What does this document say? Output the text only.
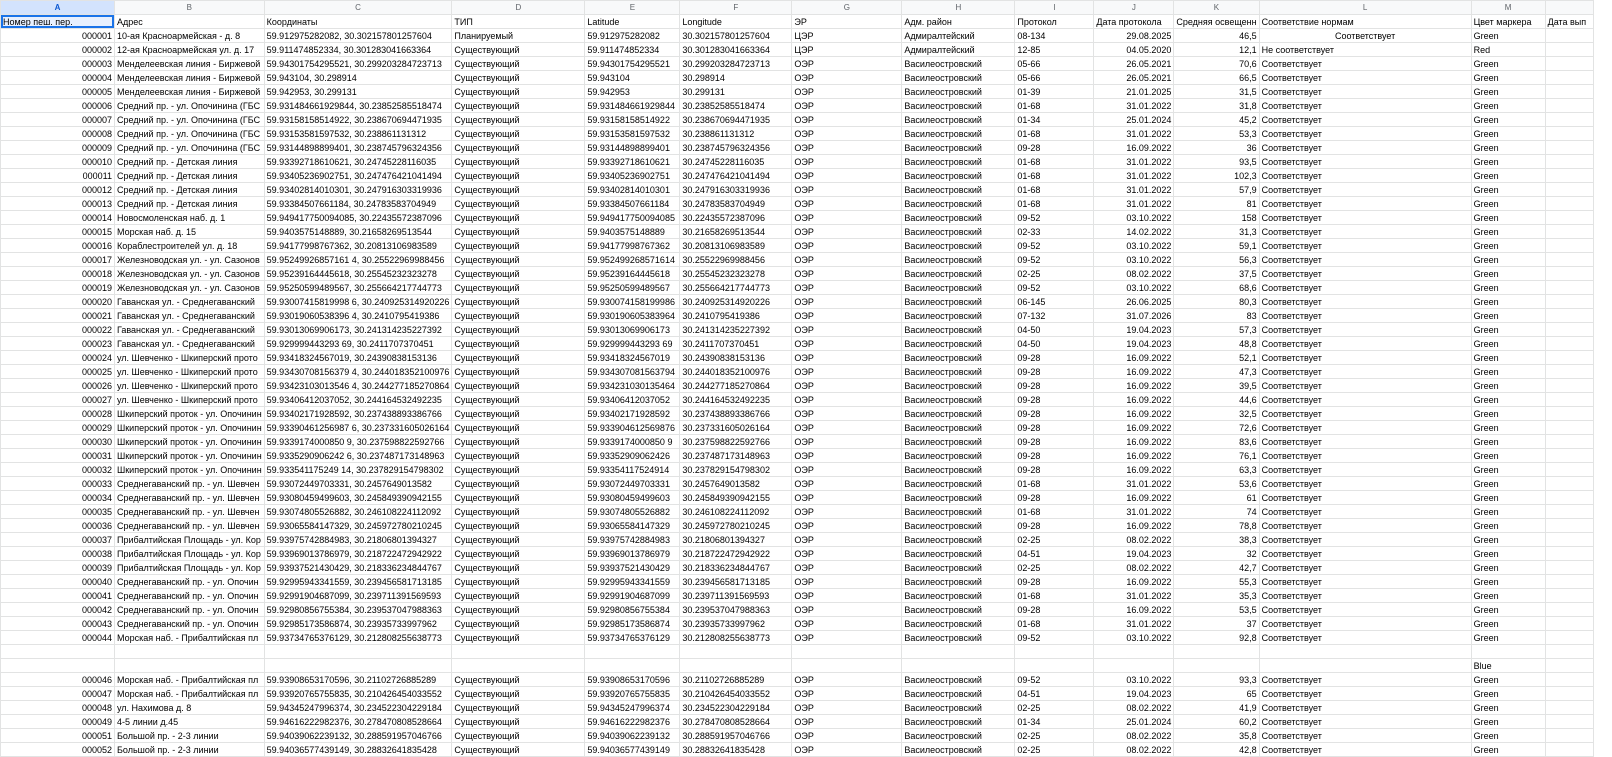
A	B	C	D	E	F	G	H	I	J	K	L	M	
Номер пеш. пер.	Адрес	Координаты	ТИП	Latitude	Longitude	ЭР	Адм. район	Протокол	Дата протокола	Средняя освещенн	Соответствие нормам	Цвет маркера	Дата вып
000001	10-ая Красноармейская - д. 8	59.912975282082, 30.302157801257604	Планируемый	59.912975282082	30.302157801257604	ЦЭР	Адмиралтейский	08-134	29.08.2025	46,5	Соответствует	Green	
000002	12-ая Красноармейская ул. д. 17	59.911474852334, 30.301283041663364	Существующий	59.911474852334	30.301283041663364	ЦЭР	Адмиралтейский	12-85	04.05.2020	12,1	Не соответствует	Red	
000003	Менделеевская линия - Биржевой	59.94301754295521, 30.299203284723713	Существующий	59.94301754295521	30.299203284723713	ОЭР	Василеостровский	05-66	26.05.2021	70,6	Соответствует	Green	
000004	Менделеевская линия - Биржевой	59.943104, 30.298914	Существующий	59.943104	30.298914	ОЭР	Василеостровский	05-66	26.05.2021	66,5	Соответствует	Green	
000005	Менделеевская линия - Биржевой	59.942953, 30.299131	Существующий	59.942953	30.299131	ОЭР	Василеостровский	01-39	21.01.2025	31,5	Соответствует	Green	
000006	Средний пр. - ул. Опочинина (ГБС	59.931484661929844, 30.23852585518474	Существующий	59.931484661929844	30.23852585518474	ОЭР	Василеостровский	01-68	31.01.2022	31,8	Соответствует	Green	
000007	Средний пр. - ул. Опочинина (ГБС	59.93158158514922, 30.238670694471935	Существующий	59.93158158514922	30.238670694471935	ОЭР	Василеостровский	01-34	25.01.2024	45,2	Соответствует	Green	
000008	Средний пр. - ул. Опочинина (ГБС	59.93153581597532, 30.238861131312	Существующий	59.93153581597532	30.238861131312	ОЭР	Василеостровский	01-68	31.01.2022	53,3	Соответствует	Green	
000009	Средний пр. - ул. Опочинина (ГБС	59.93144898899401, 30.238745796324356	Существующий	59.93144898899401	30.238745796324356	ОЭР	Василеостровский	09-28	16.09.2022	36	Соответствует	Green	
000010	Средний пр. - Детская линия	59.93392718610621, 30.24745228116035	Существующий	59.93392718610621	30.24745228116035	ОЭР	Василеостровский	01-68	31.01.2022	93,5	Соответствует	Green	
000011	Средний пр. - Детская линия	59.93405236902751, 30.247476421041494	Существующий	59.93405236902751	30.247476421041494	ОЭР	Василеостровский	01-68	31.01.2022	102,3	Соответствует	Green	
000012	Средний пр. - Детская линия	59.93402814010301, 30.247916303319936	Существующий	59.93402814010301	30.247916303319936	ОЭР	Василеостровский	01-68	31.01.2022	57,9	Соответствует	Green	
000013	Средний пр. - Детская линия	59.93384507661184, 30.24783583704949	Существующий	59.93384507661184	30.24783583704949	ОЭР	Василеостровский	01-68	31.01.2022	81	Соответствует	Green	
000014	Новосмоленская наб. д. 1	59.949417750094085, 30.22435572387096	Существующий	59.949417750094085	30.22435572387096	ОЭР	Василеостровский	09-52	03.10.2022	158	Соответствует	Green	
000015	Морская наб. д. 15	59.9403575148889, 30.21658269513544	Существующий	59.9403575148889	30.21658269513544	ОЭР	Василеостровский	02-33	14.02.2022	31,3	Соответствует	Green	
000016	Кораблестроителей ул. д. 18	59.94177998767362, 30.20813106983589	Существующий	59.94177998767362	30.20813106983589	ОЭР	Василеостровский	09-52	03.10.2022	59,1	Соответствует	Green	
000017	Железноводская ул. - ул. Сазонов	59.95249926857161 4, 30.25522969988456	Существующий	59.952499268571614	30.25522969988456	ОЭР	Василеостровский	09-52	03.10.2022	56,3	Соответствует	Green	
000018	Железноводская ул. - ул. Сазонов	59.95239164445618, 30.25545232323278	Существующий	59.95239164445618	30.25545232323278	ОЭР	Василеостровский	02-25	08.02.2022	37,5	Соответствует	Green	
000019	Железноводская ул. - ул. Сазонов	59.95250599489567, 30.255664217744773	Существующий	59.95250599489567	30.255664217744773	ОЭР	Василеостровский	09-52	03.10.2022	68,6	Соответствует	Green	
000020	Гаванская ул. - Среднегаванский	59.93007415819998 6, 30.240925314920226	Существующий	59.930074158199986	30.240925314920226	ОЭР	Василеостровский	06-145	26.06.2025	80,3	Соответствует	Green	
000021	Гаванская ул. - Среднегаванский	59.93019060538396 4, 30.2410795419386	Существующий	59.930190605383964	30.2410795419386	ОЭР	Василеостровский	07-132	31.07.2026	83	Соответствует	Green	
000022	Гаванская ул. - Среднегаванский	59.93013069906173, 30.241314235227392	Существующий	59.93013069906173	30.241314235227392	ОЭР	Василеостровский	04-50	19.04.2023	57,3	Соответствует	Green	
000023	Гаванская ул. - Среднегаванский	59.929999443293 69, 30.2411707370451	Существующий	59.929999443293 69	30.2411707370451	ОЭР	Василеостровский	04-50	19.04.2023	48,8	Соответствует	Green	
000024	ул. Шевченко - Шкиперский прото	59.93418324567019, 30.24390838153136	Существующий	59.93418324567019	30.24390838153136	ОЭР	Василеостровский	09-28	16.09.2022	52,1	Соответствует	Green	
000025	ул. Шевченко - Шкиперский прото	59.93430708156379 4, 30.244018352100976	Существующий	59.934307081563794	30.244018352100976	ОЭР	Василеостровский	09-28	16.09.2022	47,3	Соответствует	Green	
000026	ул. Шевченко - Шкиперский прото	59.93423103013546 4, 30.244277185270864	Существующий	59.934231030135464	30.244277185270864	ОЭР	Василеостровский	09-28	16.09.2022	39,5	Соответствует	Green	
000027	ул. Шевченко - Шкиперский прото	59.93406412037052, 30.244164532492235	Существующий	59.93406412037052	30.244164532492235	ОЭР	Василеостровский	09-28	16.09.2022	44,6	Соответствует	Green	
000028	Шкиперский проток - ул. Опочинин	59.93402171928592, 30.237438893386766	Существующий	59.93402171928592	30.237438893386766	ОЭР	Василеостровский	09-28	16.09.2022	32,5	Соответствует	Green	
000029	Шкиперский проток - ул. Опочинин	59.93390461256987 6, 30.237331605026164	Существующий	59.933904612569876	30.237331605026164	ОЭР	Василеостровский	09-28	16.09.2022	72,6	Соответствует	Green	
000030	Шкиперский проток - ул. Опочинин	59.9339174000850 9, 30.237598822592766	Существующий	59.9339174000850 9	30.237598822592766	ОЭР	Василеостровский	09-28	16.09.2022	83,6	Соответствует	Green	
000031	Шкиперский проток - ул. Опочинин	59.9335290906242 6, 30.237487173148963	Существующий	59.93352909062426	30.237487173148963	ОЭР	Василеостровский	09-28	16.09.2022	76,1	Соответствует	Green	
000032	Шкиперский проток - ул. Опочинин	59.933541175249 14, 30.237829154798302	Существующий	59.93354117524914	30.237829154798302	ОЭР	Василеостровский	09-28	16.09.2022	63,3	Соответствует	Green	
000033	Среднегаванский пр. - ул. Шевчен	59.93072449703331, 30.2457649013582	Существующий	59.93072449703331	30.2457649013582	ОЭР	Василеостровский	01-68	31.01.2022	53,6	Соответствует	Green	
000034	Среднегаванский пр. - ул. Шевчен	59.93080459499603, 30.245849390942155	Существующий	59.93080459499603	30.245849390942155	ОЭР	Василеостровский	09-28	16.09.2022	61	Соответствует	Green	
000035	Среднегаванский пр. - ул. Шевчен	59.93074805526882, 30.246108224112092	Существующий	59.93074805526882	30.246108224112092	ОЭР	Василеостровский	01-68	31.01.2022	74	Соответствует	Green	
000036	Среднегаванский пр. - ул. Шевчен	59.93065584147329, 30.245972780210245	Существующий	59.93065584147329	30.245972780210245	ОЭР	Василеостровский	09-28	16.09.2022	78,8	Соответствует	Green	
000037	Прибалтийская Площадь - ул. Кор	59.93975742884983, 30.21806801394327	Существующий	59.93975742884983	30.21806801394327	ОЭР	Василеостровский	02-25	08.02.2022	38,3	Соответствует	Green	
000038	Прибалтийская Площадь - ул. Кор	59.93969013786979, 30.218722472942922	Существующий	59.93969013786979	30.218722472942922	ОЭР	Василеостровский	04-51	19.04.2023	32	Соответствует	Green	
000039	Прибалтийская Площадь - ул. Кор	59.93937521430429, 30.218336234844767	Существующий	59.93937521430429	30.218336234844767	ОЭР	Василеостровский	02-25	08.02.2022	42,7	Соответствует	Green	
000040	Среднегаванский пр. - ул. Опочин	59.92995943341559, 30.239456581713185	Существующий	59.92995943341559	30.239456581713185	ОЭР	Василеостровский	09-28	16.09.2022	55,3	Соответствует	Green	
000041	Среднегаванский пр. - ул. Опочин	59.92991904687099, 30.239711391569593	Существующий	59.92991904687099	30.239711391569593	ОЭР	Василеостровский	01-68	31.01.2022	35,3	Соответствует	Green	
000042	Среднегаванский пр. - ул. Опочин	59.92980856755384, 30.239537047988363	Существующий	59.92980856755384	30.239537047988363	ОЭР	Василеостровский	09-28	16.09.2022	53,5	Соответствует	Green	
000043	Среднегаванский пр. - ул. Опочин	59.92985173586874, 30.23935733997962	Существующий	59.92985173586874	30.23935733997962	ОЭР	Василеостровский	01-68	31.01.2022	37	Соответствует	Green	
000044	Морская наб. - Прибалтийская пл	59.93734765376129, 30.212808255638773	Существующий	59.93734765376129	30.212808255638773	ОЭР	Василеостровский	09-52	03.10.2022	92,8	Соответствует	Green	

												Blue	
000046	Морская наб. - Прибалтийская пл	59.93908653170596, 30.21102726885289	Существующий	59.93908653170596	30.21102726885289	ОЭР	Василеостровский	09-52	03.10.2022	93,3	Соответствует	Green	
000047	Морская наб. - Прибалтийская пл	59.93920765755835, 30.210426454033552	Существующий	59.93920765755835	30.210426454033552	ОЭР	Василеостровский	04-51	19.04.2023	65	Соответствует	Green	
000048	ул. Нахимова д. 8	59.94345247996374, 30.234522304229184	Существующий	59.94345247996374	30.234522304229184	ОЭР	Василеостровский	02-25	08.02.2022	41,9	Соответствует	Green	
000049	4-5 линии д.45	59.94616222982376, 30.278470808528664	Существующий	59.94616222982376	30.278470808528664	ОЭР	Василеостровский	01-34	25.01.2024	60,2	Соответствует	Green	
000051	Большой пр. - 2-3 линии	59.94039062239132, 30.288591957046766	Существующий	59.94039062239132	30.288591957046766	ОЭР	Василеостровский	02-25	08.02.2022	35,8	Соответствует	Green	
000052	Большой пр. - 2-3 линии	59.94036577439149, 30.28832641835428	Существующий	59.94036577439149	30.28832641835428	ОЭР	Василеостровский	02-25	08.02.2022	42,8	Соответствует	Green	
